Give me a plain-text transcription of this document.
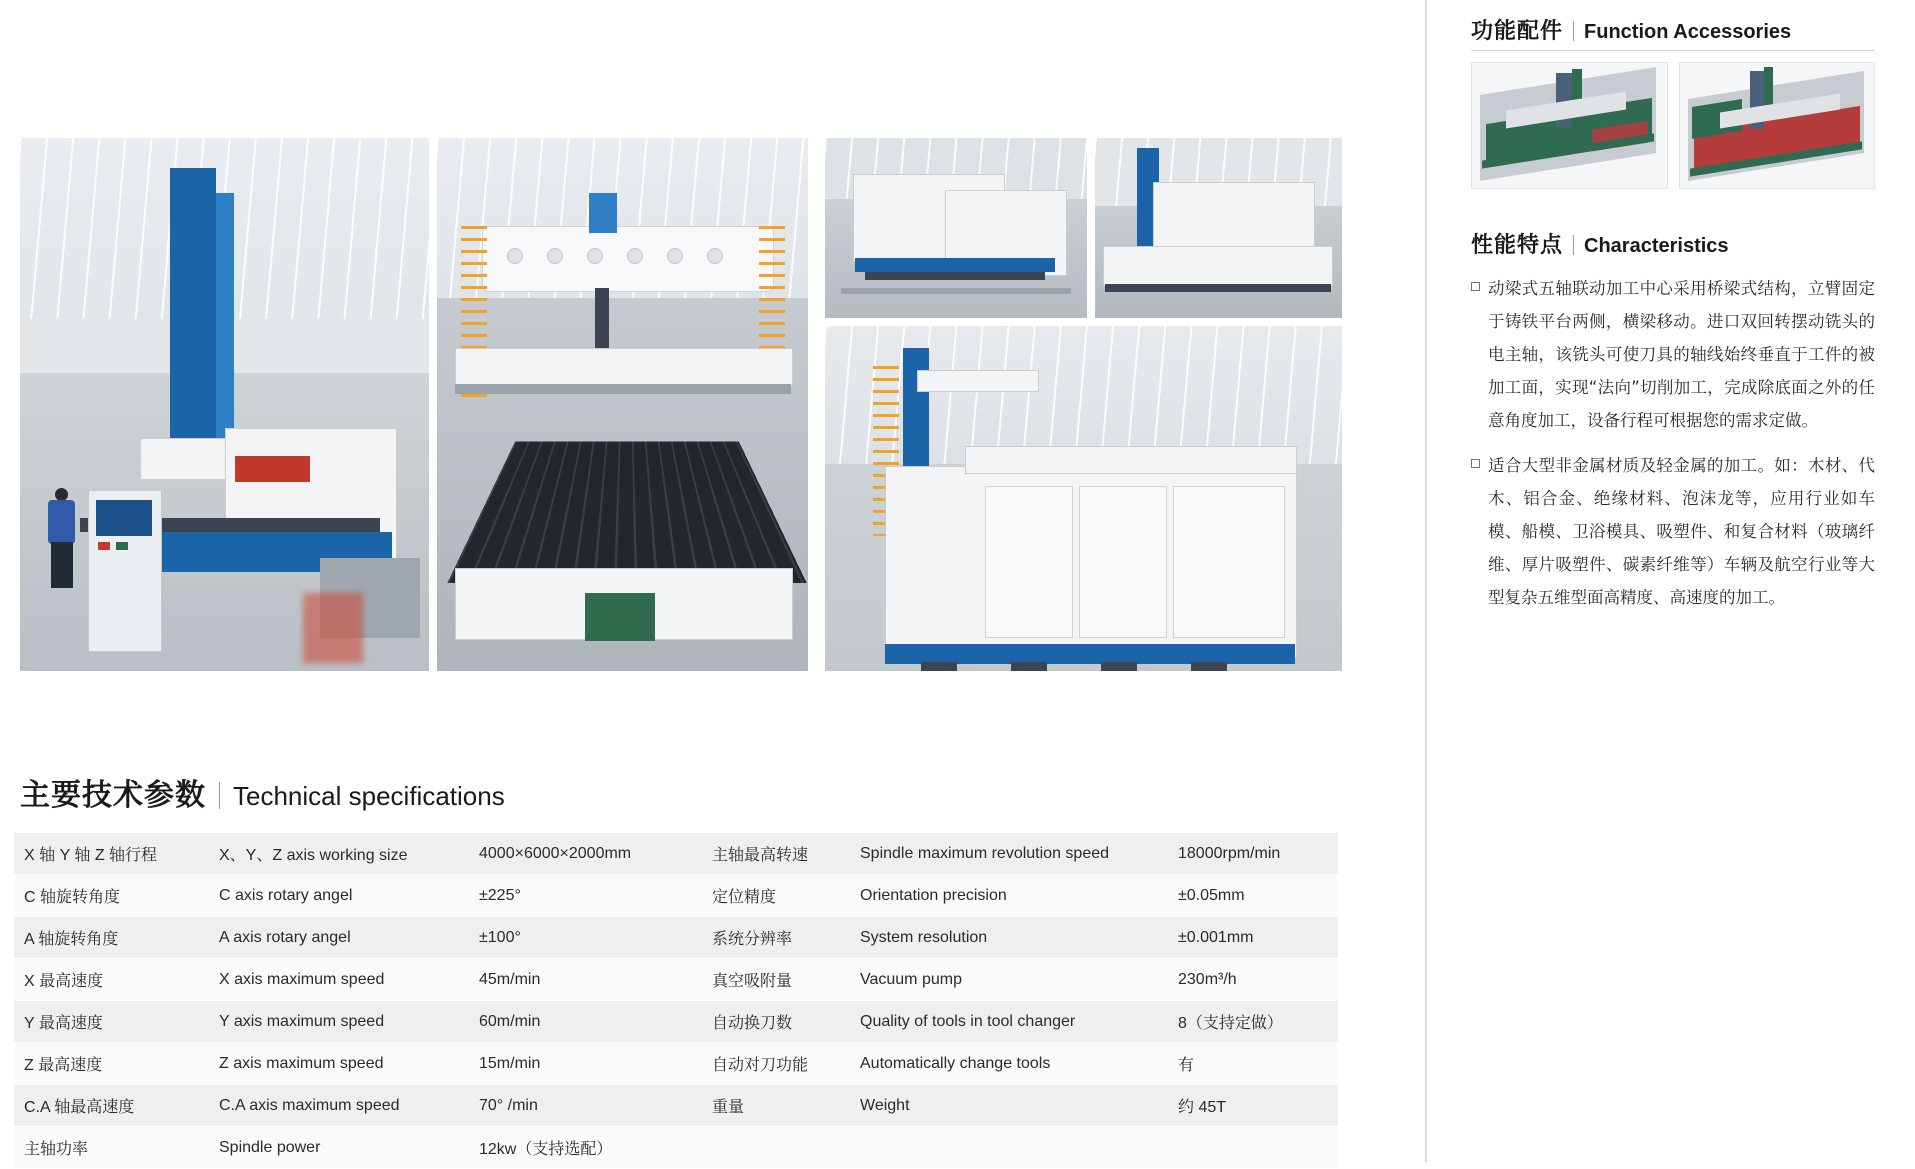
主要技术参数 Technical specifications
X 轴 Y 轴 Z 轴行程	X、Y、Z axis working size	4000×6000×2000mm	主轴最高转速	Spindle maximum revolution speed	18000rpm/min
C 轴旋转角度	C axis rotary angel	±225°	定位精度	Orientation precision	±0.05mm
A 轴旋转角度	A axis rotary angel	±100°	系统分辨率	System resolution	±0.001mm
X 最高速度	X axis maximum speed	45m/min	真空吸附量	Vacuum pump	230m³/h
Y 最高速度	Y axis maximum speed	60m/min	自动换刀数	Quality of tools in tool changer	8（支持定做）
Z 最高速度	Z axis maximum speed	15m/min	自动对刀功能	Automatically change tools	有
C.A 轴最高速度	C.A axis maximum speed	70° /min	重量	Weight	约 45T
主轴功率	Spindle power	12kw（支持选配）			
功能配件 Function Accessories
性能特点 Characteristics
动梁式五轴联动加工中心采用桥梁式结构，立臂固定于铸铁平台两侧，横梁移动。进口双回转摆动铣头的电主轴，该铣头可使刀具的轴线始终垂直于工件的被加工面，实现“法向”切削加工，完成除底面之外的任意角度加工，设备行程可根据您的需求定做。
适合大型非金属材质及轻金属的加工。如：木材、代木、铝合金、绝缘材料、泡沫龙等，应用行业如车模、船模、卫浴模具、吸塑件、和复合材料（玻璃纤维、厚片吸塑件、碳素纤维等）车辆及航空行业等大型复杂五维型面高精度、高速度的加工。
